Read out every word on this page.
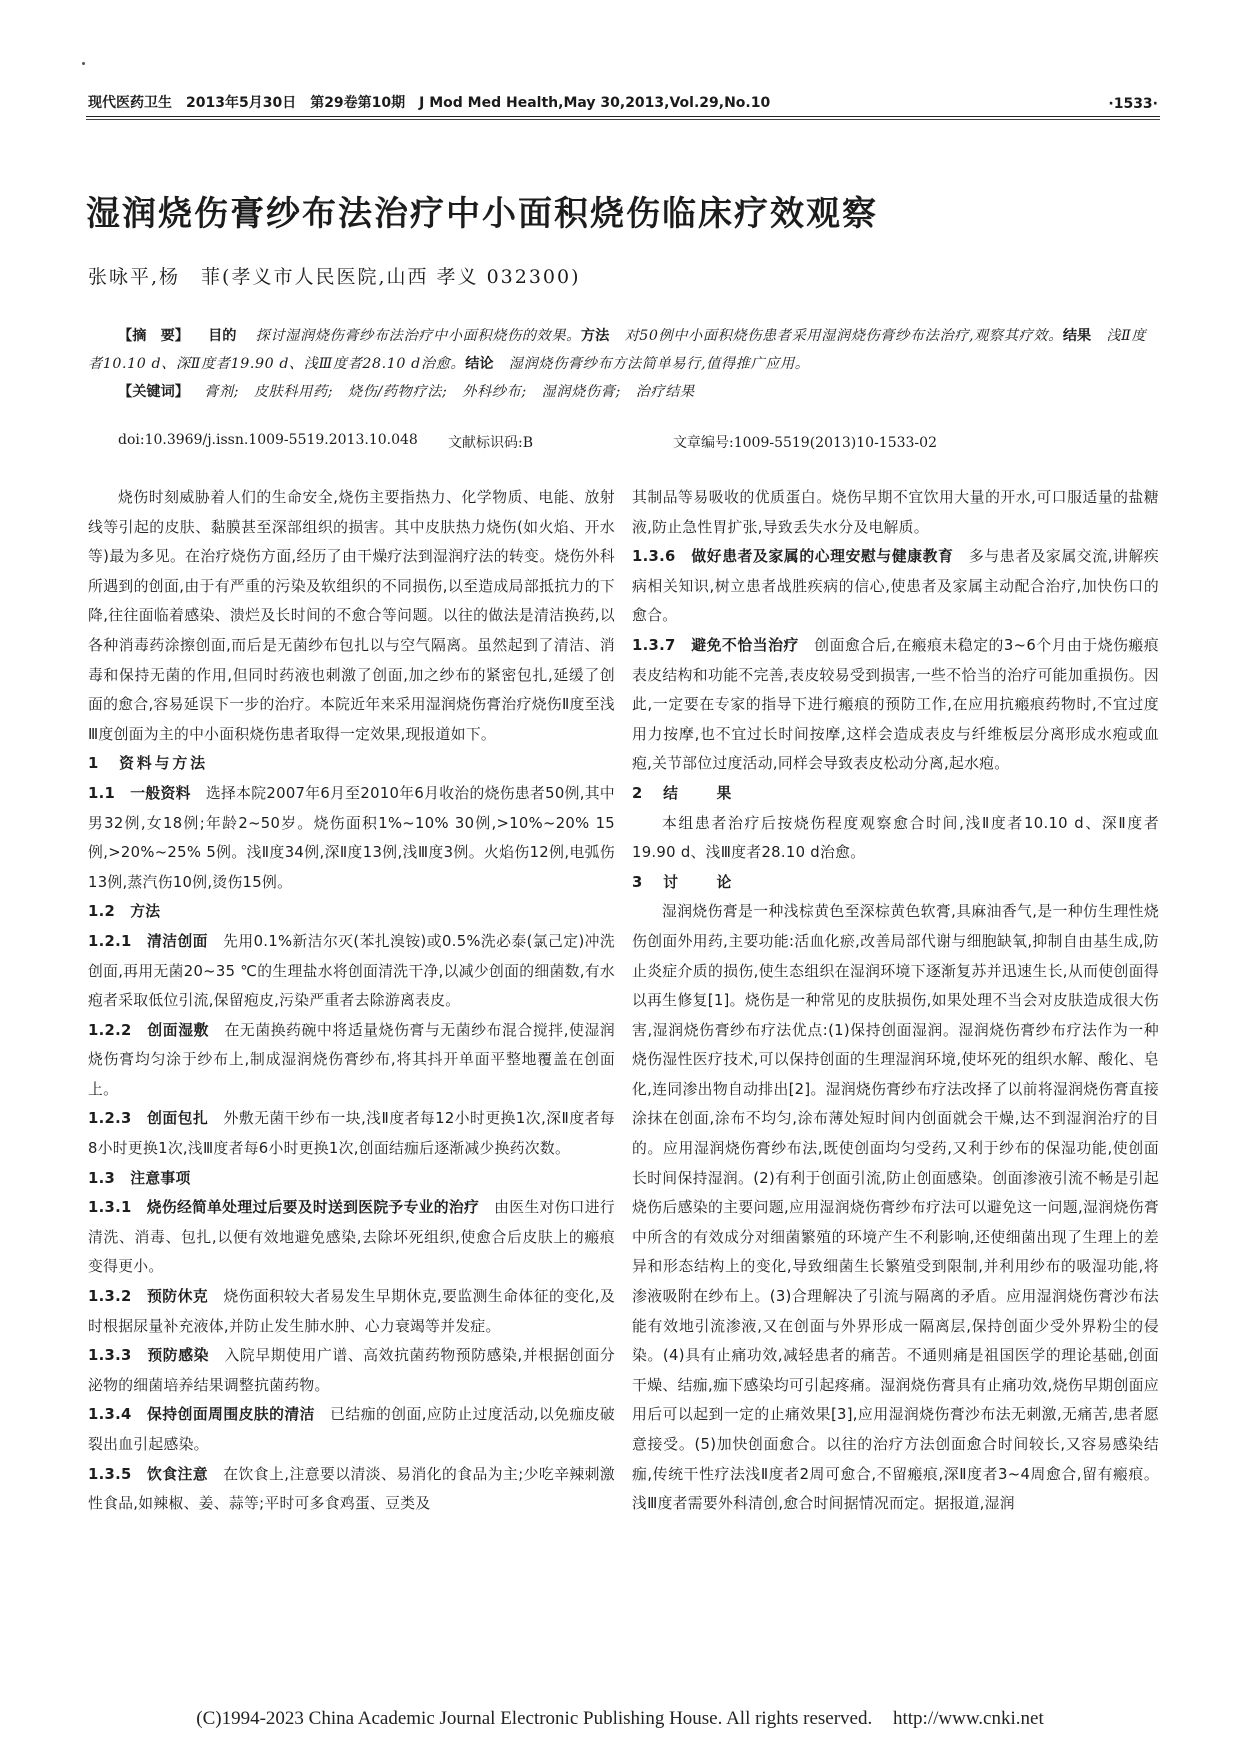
现代医药卫生　2013年5月30日　第29卷第10期　J Mod Med Health,May 30,2013,Vol.29,No.10	·1533·
湿润烧伤膏纱布法治疗中小面积烧伤临床疗效观察
张咏平,杨　菲(孝义市人民医院,山西 孝义 032300)

【摘　要】 目的 探讨湿润烧伤膏纱布法治疗中小面积烧伤的效果。方法 对50例中小面积烧伤患者采用湿润烧伤膏纱布法治疗,观察其疗效。结果 浅Ⅱ度者10.10 d、深Ⅱ度者19.90 d、浅Ⅲ度者28.10 d治愈。结论 湿润烧伤膏纱布方法简单易行,值得推广应用。

【关键词】 膏剂;　皮肤科用药;　烧伤/药物疗法;　外科纱布;　湿润烧伤膏;　治疗结果

doi:10.3969/j.issn.1009-5519.2013.10.048 文献标识码:B	文章编号:1009-5519(2013)10-1533-02

烧伤时刻威胁着人们的生命安全,烧伤主要指热力、化学物质、电能、放射线等引起的皮肤、黏膜甚至深部组织的损害。其中皮肤热力烧伤(如火焰、开水等)最为多见。在治疗烧伤方面,经历了由干燥疗法到湿润疗法的转变。烧伤外科所遇到的创面,由于有严重的污染及软组织的不同损伤,以至造成局部抵抗力的下降,往往面临着感染、溃烂及长时间的不愈合等问题。以往的做法是清洁换药,以各种消毒药涂擦创面,而后是无菌纱布包扎以与空气隔离。虽然起到了清洁、消毒和保持无菌的作用,但同时药液也刺激了创面,加之纱布的紧密包扎,延缓了创面的愈合,容易延误下一步的治疗。本院近年来采用湿润烧伤膏治疗烧伤Ⅱ度至浅Ⅲ度创面为主的中小面积烧伤患者取得一定效果,现报道如下。

1　资料与方法

1.1　一般资料　 选择本院2007年6月至2010年6月收治的烧伤患者50例,其中男32例,女18例;年龄2~50岁。烧伤面积1%~10% 30例,>10%~20% 15例,>20%~25% 5例。浅Ⅱ度34例,深Ⅱ度13例,浅Ⅲ度3例。火焰伤12例,电弧伤13例,蒸汽伤10例,烫伤15例。

1.2　方法

1.2.1　清洁创面　 先用0.1%新洁尔灭(苯扎溴铵)或0.5%洗必泰(氯己定)冲洗创面,再用无菌20~35 ℃的生理盐水将创面清洗干净,以减少创面的细菌数,有水疱者采取低位引流,保留疱皮,污染严重者去除游离表皮。

1.2.2　创面湿敷　 在无菌换药碗中将适量烧伤膏与无菌纱布混合搅拌,使湿润烧伤膏均匀涂于纱布上,制成湿润烧伤膏纱布,将其抖开单面平整地覆盖在创面上。

1.2.3　创面包扎　 外敷无菌干纱布一块,浅Ⅱ度者每12小时更换1次,深Ⅱ度者每8小时更换1次,浅Ⅲ度者每6小时更换1次,创面结痂后逐渐减少换药次数。

1.3　注意事项

1.3.1　烧伤经简单处理过后要及时送到医院予专业的治疗　 由医生对伤口进行清洗、消毒、包扎,以便有效地避免感染,去除坏死组织,使愈合后皮肤上的瘢痕变得更小。

1.3.2　预防休克　 烧伤面积较大者易发生早期休克,要监测生命体征的变化,及时根据尿量补充液体,并防止发生肺水肿、心力衰竭等并发症。

1.3.3　预防感染　 入院早期使用广谱、高效抗菌药物预防感染,并根据创面分泌物的细菌培养结果调整抗菌药物。

1.3.4　保持创面周围皮肤的清洁　 已结痂的创面,应防止过度活动,以免痂皮破裂出血引起感染。

1.3.5　饮食注意　 在饮食上,注意要以清淡、易消化的食品为主;少吃辛辣刺激性食品,如辣椒、姜、蒜等;平时可多食鸡蛋、豆类及

其制品等易吸收的优质蛋白。烧伤早期不宜饮用大量的开水,可口服适量的盐糖液,防止急性胃扩张,导致丢失水分及电解质。

1.3.6　做好患者及家属的心理安慰与健康教育　 多与患者及家属交流,讲解疾病相关知识,树立患者战胜疾病的信心,使患者及家属主动配合治疗,加快伤口的愈合。

1.3.7　避免不恰当治疗　 创面愈合后,在瘢痕未稳定的3~6个月由于烧伤瘢痕表皮结构和功能不完善,表皮较易受到损害,一些不恰当的治疗可能加重损伤。因此,一定要在专家的指导下进行瘢痕的预防工作,在应用抗瘢痕药物时,不宜过度用力按摩,也不宜过长时间按摩,这样会造成表皮与纤维板层分离形成水疱或血疱,关节部位过度活动,同样会导致表皮松动分离,起水疱。

2　结　　果

本组患者治疗后按烧伤程度观察愈合时间,浅Ⅱ度者10.10 d、深Ⅱ度者19.90 d、浅Ⅲ度者28.10 d治愈。

3　讨　　论

湿润烧伤膏是一种浅棕黄色至深棕黄色软膏,具麻油香气,是一种仿生理性烧伤创面外用药,主要功能:活血化瘀,改善局部代谢与细胞缺氧,抑制自由基生成,防止炎症介质的损伤,使生态组织在湿润环境下逐渐复苏并迅速生长,从而使创面得以再生修复[1]。烧伤是一种常见的皮肤损伤,如果处理不当会对皮肤造成很大伤害,湿润烧伤膏纱布疗法优点:(1)保持创面湿润。湿润烧伤膏纱布疗法作为一种烧伤湿性医疗技术,可以保持创面的生理湿润环境,使坏死的组织水解、酸化、皂化,连同渗出物自动排出[2]。湿润烧伤膏纱布疗法改择了以前将湿润烧伤膏直接涂抹在创面,涂布不均匀,涂布薄处短时间内创面就会干燥,达不到湿润治疗的目的。应用湿润烧伤膏纱布法,既使创面均匀受药,又利于纱布的保湿功能,使创面长时间保持湿润。(2)有利于创面引流,防止创面感染。创面渗液引流不畅是引起烧伤后感染的主要问题,应用湿润烧伤膏纱布疗法可以避免这一问题,湿润烧伤膏中所含的有效成分对细菌繁殖的环境产生不利影响,还使细菌出现了生理上的差异和形态结构上的变化,导致细菌生长繁殖受到限制,并利用纱布的吸湿功能,将渗液吸附在纱布上。(3)合理解决了引流与隔离的矛盾。应用湿润烧伤膏沙布法能有效地引流渗液,又在创面与外界形成一隔离层,保持创面少受外界粉尘的侵染。(4)具有止痛功效,减轻患者的痛苦。不通则痛是祖国医学的理论基础,创面干燥、结痂,痂下感染均可引起疼痛。湿润烧伤膏具有止痛功效,烧伤早期创面应用后可以起到一定的止痛效果[3],应用湿润烧伤膏沙布法无刺激,无痛苦,患者愿意接受。(5)加快创面愈合。以往的治疗方法创面愈合时间较长,又容易感染结痂,传统干性疗法浅Ⅱ度者2周可愈合,不留瘢痕,深Ⅱ度者3~4周愈合,留有瘢痕。浅Ⅲ度者需要外科清创,愈合时间据情况而定。据报道,湿润

(C)1994-2023 China Academic Journal Electronic Publishing House. All rights reserved. http://www.cnki.net
